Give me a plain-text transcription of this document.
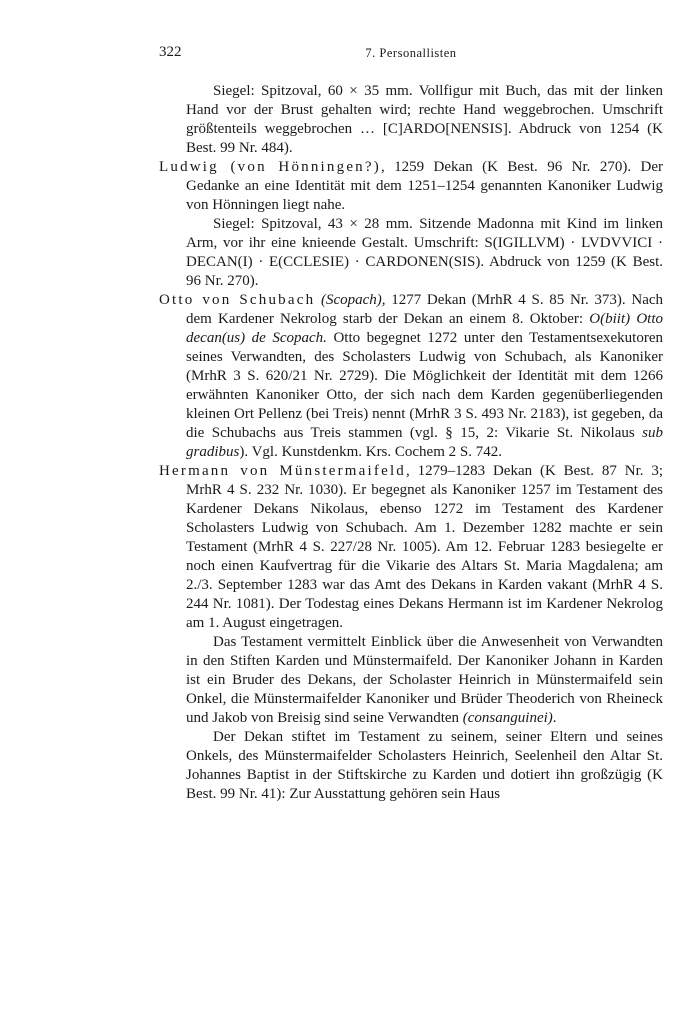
322	7. Personallisten

Siegel: Spitzoval, 60 × 35 mm. Vollfigur mit Buch, das mit der linken Hand vor der Brust gehalten wird; rechte Hand weggebrochen. Umschrift größtenteils weggebrochen … [C]ARDO[NENSIS]. Abdruck von 1254 (K Best. 99 Nr. 484).

Ludwig (von Hönningen?), 1259 Dekan (K Best. 96 Nr. 270). Der Gedanke an eine Identität mit dem 1251–1254 genannten Kanoniker Ludwig von Hönningen liegt nahe.
Siegel: Spitzoval, 43 × 28 mm. Sitzende Madonna mit Kind im linken Arm, vor ihr eine knieende Gestalt. Umschrift: S(IGILLVM) · LVDVVICI · DECAN(I) · E(CCLESIE) · CARDONEN(SIS). Abdruck von 1259 (K Best. 96 Nr. 270).

Otto von Schubach (Scopach), 1277 Dekan (MrhR 4 S. 85 Nr. 373). Nach dem Kardener Nekrolog starb der Dekan an einem 8. Oktober: O(biit) Otto decan(us) de Scopach. Otto begegnet 1272 unter den Testamentsexekutoren seines Verwandten, des Scholasters Ludwig von Schubach, als Kanoniker (MrhR 3 S. 620/21 Nr. 2729). Die Möglichkeit der Identität mit dem 1266 erwähnten Kanoniker Otto, der sich nach dem Karden gegenüberliegenden kleinen Ort Pellenz (bei Treis) nennt (MrhR 3 S. 493 Nr. 2183), ist gegeben, da die Schubachs aus Treis stammen (vgl. § 15, 2: Vikarie St. Nikolaus sub gradibus). Vgl. Kunstdenkm. Krs. Cochem 2 S. 742.

Hermann von Münstermaifeld, 1279–1283 Dekan (K Best. 87 Nr. 3; MrhR 4 S. 232 Nr. 1030). Er begegnet als Kanoniker 1257 im Testament des Kardener Dekans Nikolaus, ebenso 1272 im Testament des Kardener Scholasters Ludwig von Schubach. Am 1. Dezember 1282 machte er sein Testament (MrhR 4 S. 227/28 Nr. 1005). Am 12. Februar 1283 besiegelte er noch einen Kaufvertrag für die Vikarie des Altars St. Maria Magdalena; am 2./3. September 1283 war das Amt des Dekans in Karden vakant (MrhR 4 S. 244 Nr. 1081). Der Todestag eines Dekans Hermann ist im Kardener Nekrolog am 1. August eingetragen.
Das Testament vermittelt Einblick über die Anwesenheit von Verwandten in den Stiften Karden und Münstermaifeld. Der Kanoniker Johann in Karden ist ein Bruder des Dekans, der Scholaster Heinrich in Münstermaifeld sein Onkel, die Münstermaifelder Kanoniker und Brüder Theoderich von Rheineck und Jakob von Breisig sind seine Verwandten (consanguinei).
Der Dekan stiftet im Testament zu seinem, seiner Eltern und seines Onkels, des Münstermaifelder Scholasters Heinrich, Seelenheil den Altar St. Johannes Baptist in der Stiftskirche zu Karden und dotiert ihn großzügig (K Best. 99 Nr. 41): Zur Ausstattung gehören sein Haus
